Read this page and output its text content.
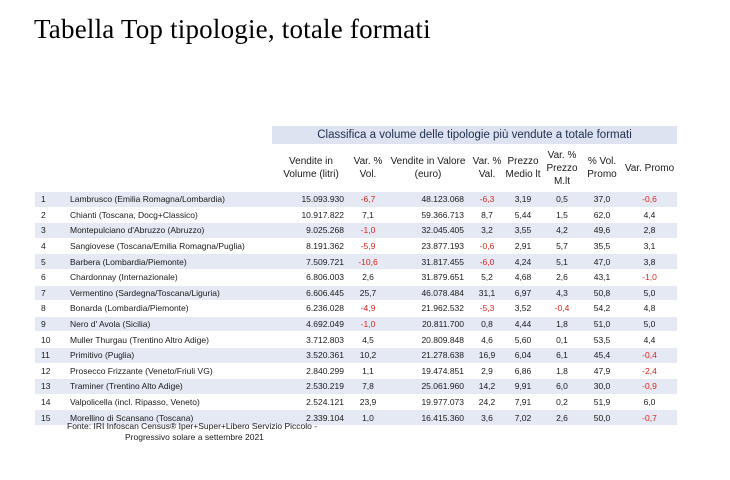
Tabella Top tipologie, totale formati
		Classifica a volume delle tipologie più vendute a totale formati							
		Vendite in Volume (litri)	Var. % Vol.	Vendite in Valore (euro)	Var. % Val.	Prezzo Medio lt	Var. % Prezzo M.lt	% Vol. Promo	Var. Promo
1	Lambrusco (Emilia Romagna/Lombardia)	15.093.930	-6,7	48.123.068	-6,3	3,19	0,5	37,0	-0,6
2	Chianti (Toscana, Docg+Classico)	10.917.822	7,1	59.366.713	8,7	5,44	1,5	62,0	4,4
3	Montepulciano d'Abruzzo (Abruzzo)	9.025.268	-1,0	32.045.405	3,2	3,55	4,2	49,6	2,8
4	Sangiovese (Toscana/Emilia Romagna/Puglia)	8.191.362	-5,9	23.877.193	-0,6	2,91	5,7	35,5	3,1
5	Barbera (Lombardia/Piemonte)	7.509.721	-10,6	31.817.455	-6,0	4,24	5,1	47,0	3,8
6	Chardonnay (Internazionale)	6.806.003	2,6	31.879.651	5,2	4,68	2,6	43,1	-1,0
7	Vermentino (Sardegna/Toscana/Liguria)	6.606.445	25,7	46.078.484	31,1	6,97	4,3	50,8	5,0
8	Bonarda (Lombardia/Piemonte)	6.236.028	-4,9	21.962.532	-5,3	3,52	-0,4	54,2	4,8
9	Nero d' Avola (Sicilia)	4.692.049	-1,0	20.811.700	0,8	4,44	1,8	51,0	5,0
10	Muller Thurgau (Trentino Altro Adige)	3.712.803	4,5	20.809.848	4,6	5,60	0,1	53,5	4,4
11	Primitivo (Puglia)	3.520.361	10,2	21.278.638	16,9	6,04	6,1	45,4	-0,4
12	Prosecco Frizzante (Veneto/Friuli VG)	2.840.299	1,1	19.474.851	2,9	6,86	1,8	47,9	-2,4
13	Traminer (Trentino Alto Adige)	2.530.219	7,8	25.061.960	14,2	9,91	6,0	30,0	-0,9
14	Valpolicella (incl. Ripasso, Veneto)	2.524.121	23,9	19.977.073	24,2	7,91	0,2	51,9	6,0
15	Morellino di Scansano (Toscana)	2.339.104	1,0	16.415.360	3,6	7,02	2,6	50,0	-0,7
Fonte: IRI Infoscan Census® Iper+Super+Libero Servizio Piccolo -
Progressivo solare a settembre 2021
